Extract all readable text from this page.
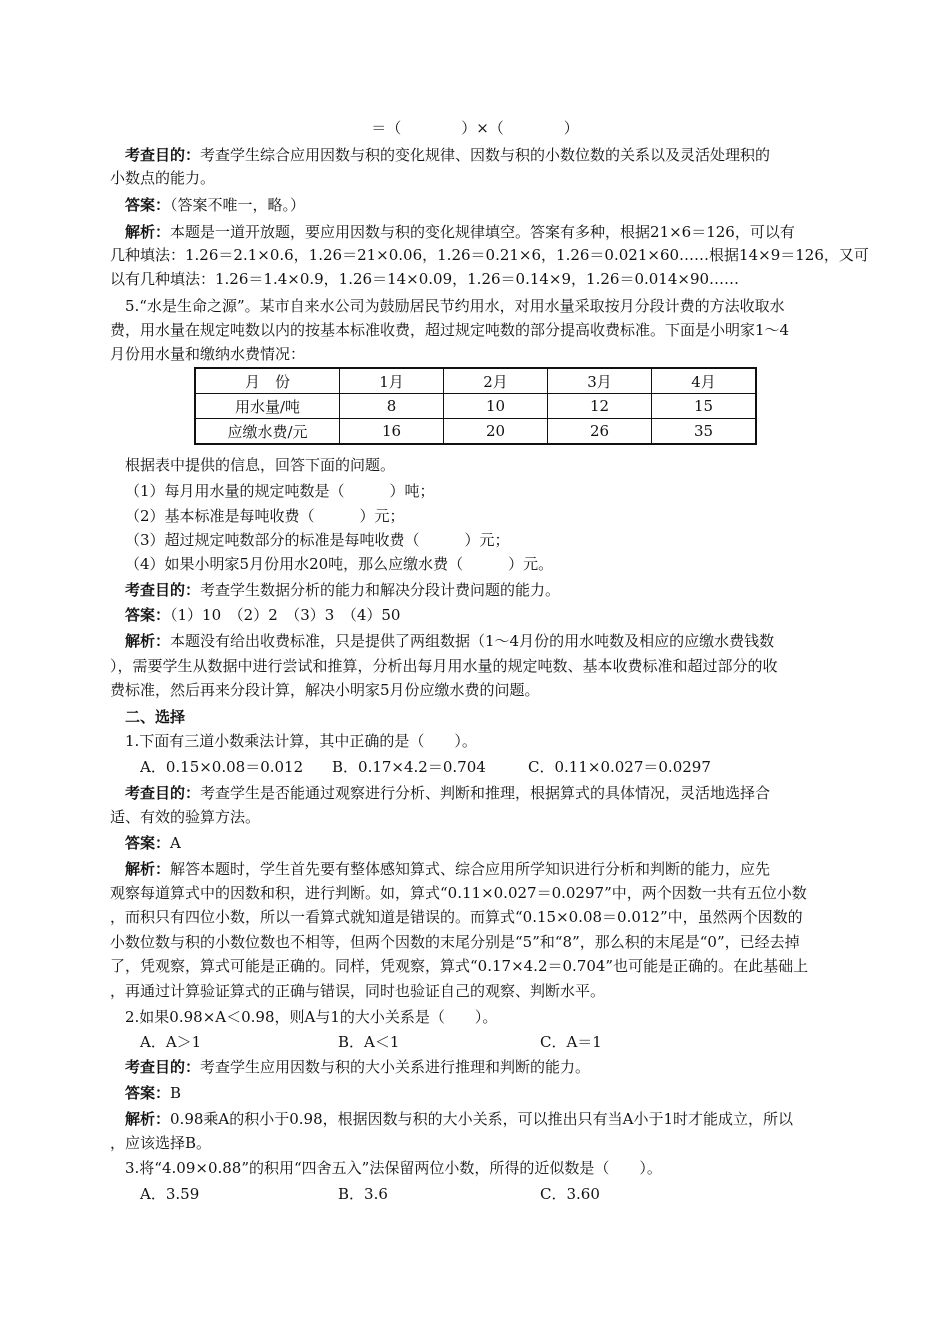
＝（　　　　）×（　　　　）
考查目的：考查学生综合应用因数与积的变化规律、因数与积的小数位数的关系以及灵活处理积的
小数点的能力。
答案：（答案不唯一，略。）
解析：本题是一道开放题，要应用因数与积的变化规律填空。答案有多种，根据21×6＝126，可以有
几种填法：1.26＝2.1×0.6，1.26＝21×0.06，1.26＝0.21×6，1.26＝0.021×60……根据14×9＝126，又可
以有几种填法：1.26＝1.4×0.9，1.26＝14×0.09，1.26＝0.14×9，1.26＝0.014×90……
5.“水是生命之源”。某市自来水公司为鼓励居民节约用水，对用水量采取按月分段计费的方法收取水
费，用水量在规定吨数以内的按基本标准收费，超过规定吨数的部分提高收费标准。下面是小明家1～4
月份用水量和缴纳水费情况：
月　份	1月	2月	3月	4月
用水量/吨	8	10	12	15
应缴水费/元	16	20	26	35
根据表中提供的信息，回答下面的问题。
（1）每月用水量的规定吨数是（　　　）吨；
（2）基本标准是每吨收费（　　　）元；
（3）超过规定吨数部分的标准是每吨收费（　　　）元；
（4）如果小明家5月份用水20吨，那么应缴水费（　　　）元。
考查目的：考查学生数据分析的能力和解决分段计费问题的能力。
答案：（1）10　（2）2　（3）3　（4）50
解析：本题没有给出收费标准，只是提供了两组数据（1～4月份的用水吨数及相应的应缴水费钱数
），需要学生从数据中进行尝试和推算，分析出每月用水量的规定吨数、基本收费标准和超过部分的收
费标准，然后再来分段计算，解决小明家5月份应缴水费的问题。
二、选择
1.下面有三道小数乘法计算，其中正确的是（　　）。
A．0.15×0.08＝0.012 B．0.17×4.2＝0.704	C．0.11×0.027＝0.0297
考查目的：考查学生是否能通过观察进行分析、判断和推理，根据算式的具体情况，灵活地选择合
适、有效的验算方法。
答案：A
解析：解答本题时，学生首先要有整体感知算式、综合应用所学知识进行分析和判断的能力，应先
观察每道算式中的因数和积，进行判断。如，算式“0.11×0.027＝0.0297”中，两个因数一共有五位小数
，而积只有四位小数，所以一看算式就知道是错误的。而算式“0.15×0.08＝0.012”中，虽然两个因数的
小数位数与积的小数位数也不相等，但两个因数的末尾分别是“5”和“8”，那么积的末尾是“0”，已经去掉
了，凭观察，算式可能是正确的。同样，凭观察，算式“0.17×4.2＝0.704”也可能是正确的。在此基础上
，再通过计算验证算式的正确与错误，同时也验证自己的观察、判断水平。
2.如果0.98×A＜0.98，则A与1的大小关系是（　　）。
A．A＞1	B．A＜1	C．A＝1
考查目的：考查学生应用因数与积的大小关系进行推理和判断的能力。
答案：B
解析：0.98乘A的积小于0.98，根据因数与积的大小关系，可以推出只有当A小于1时才能成立，所以
，应该选择B。
3.将“4.09×0.88”的积用“四舍五入”法保留两位小数，所得的近似数是（　　）。
A．3.59	B．3.6	C．3.60
